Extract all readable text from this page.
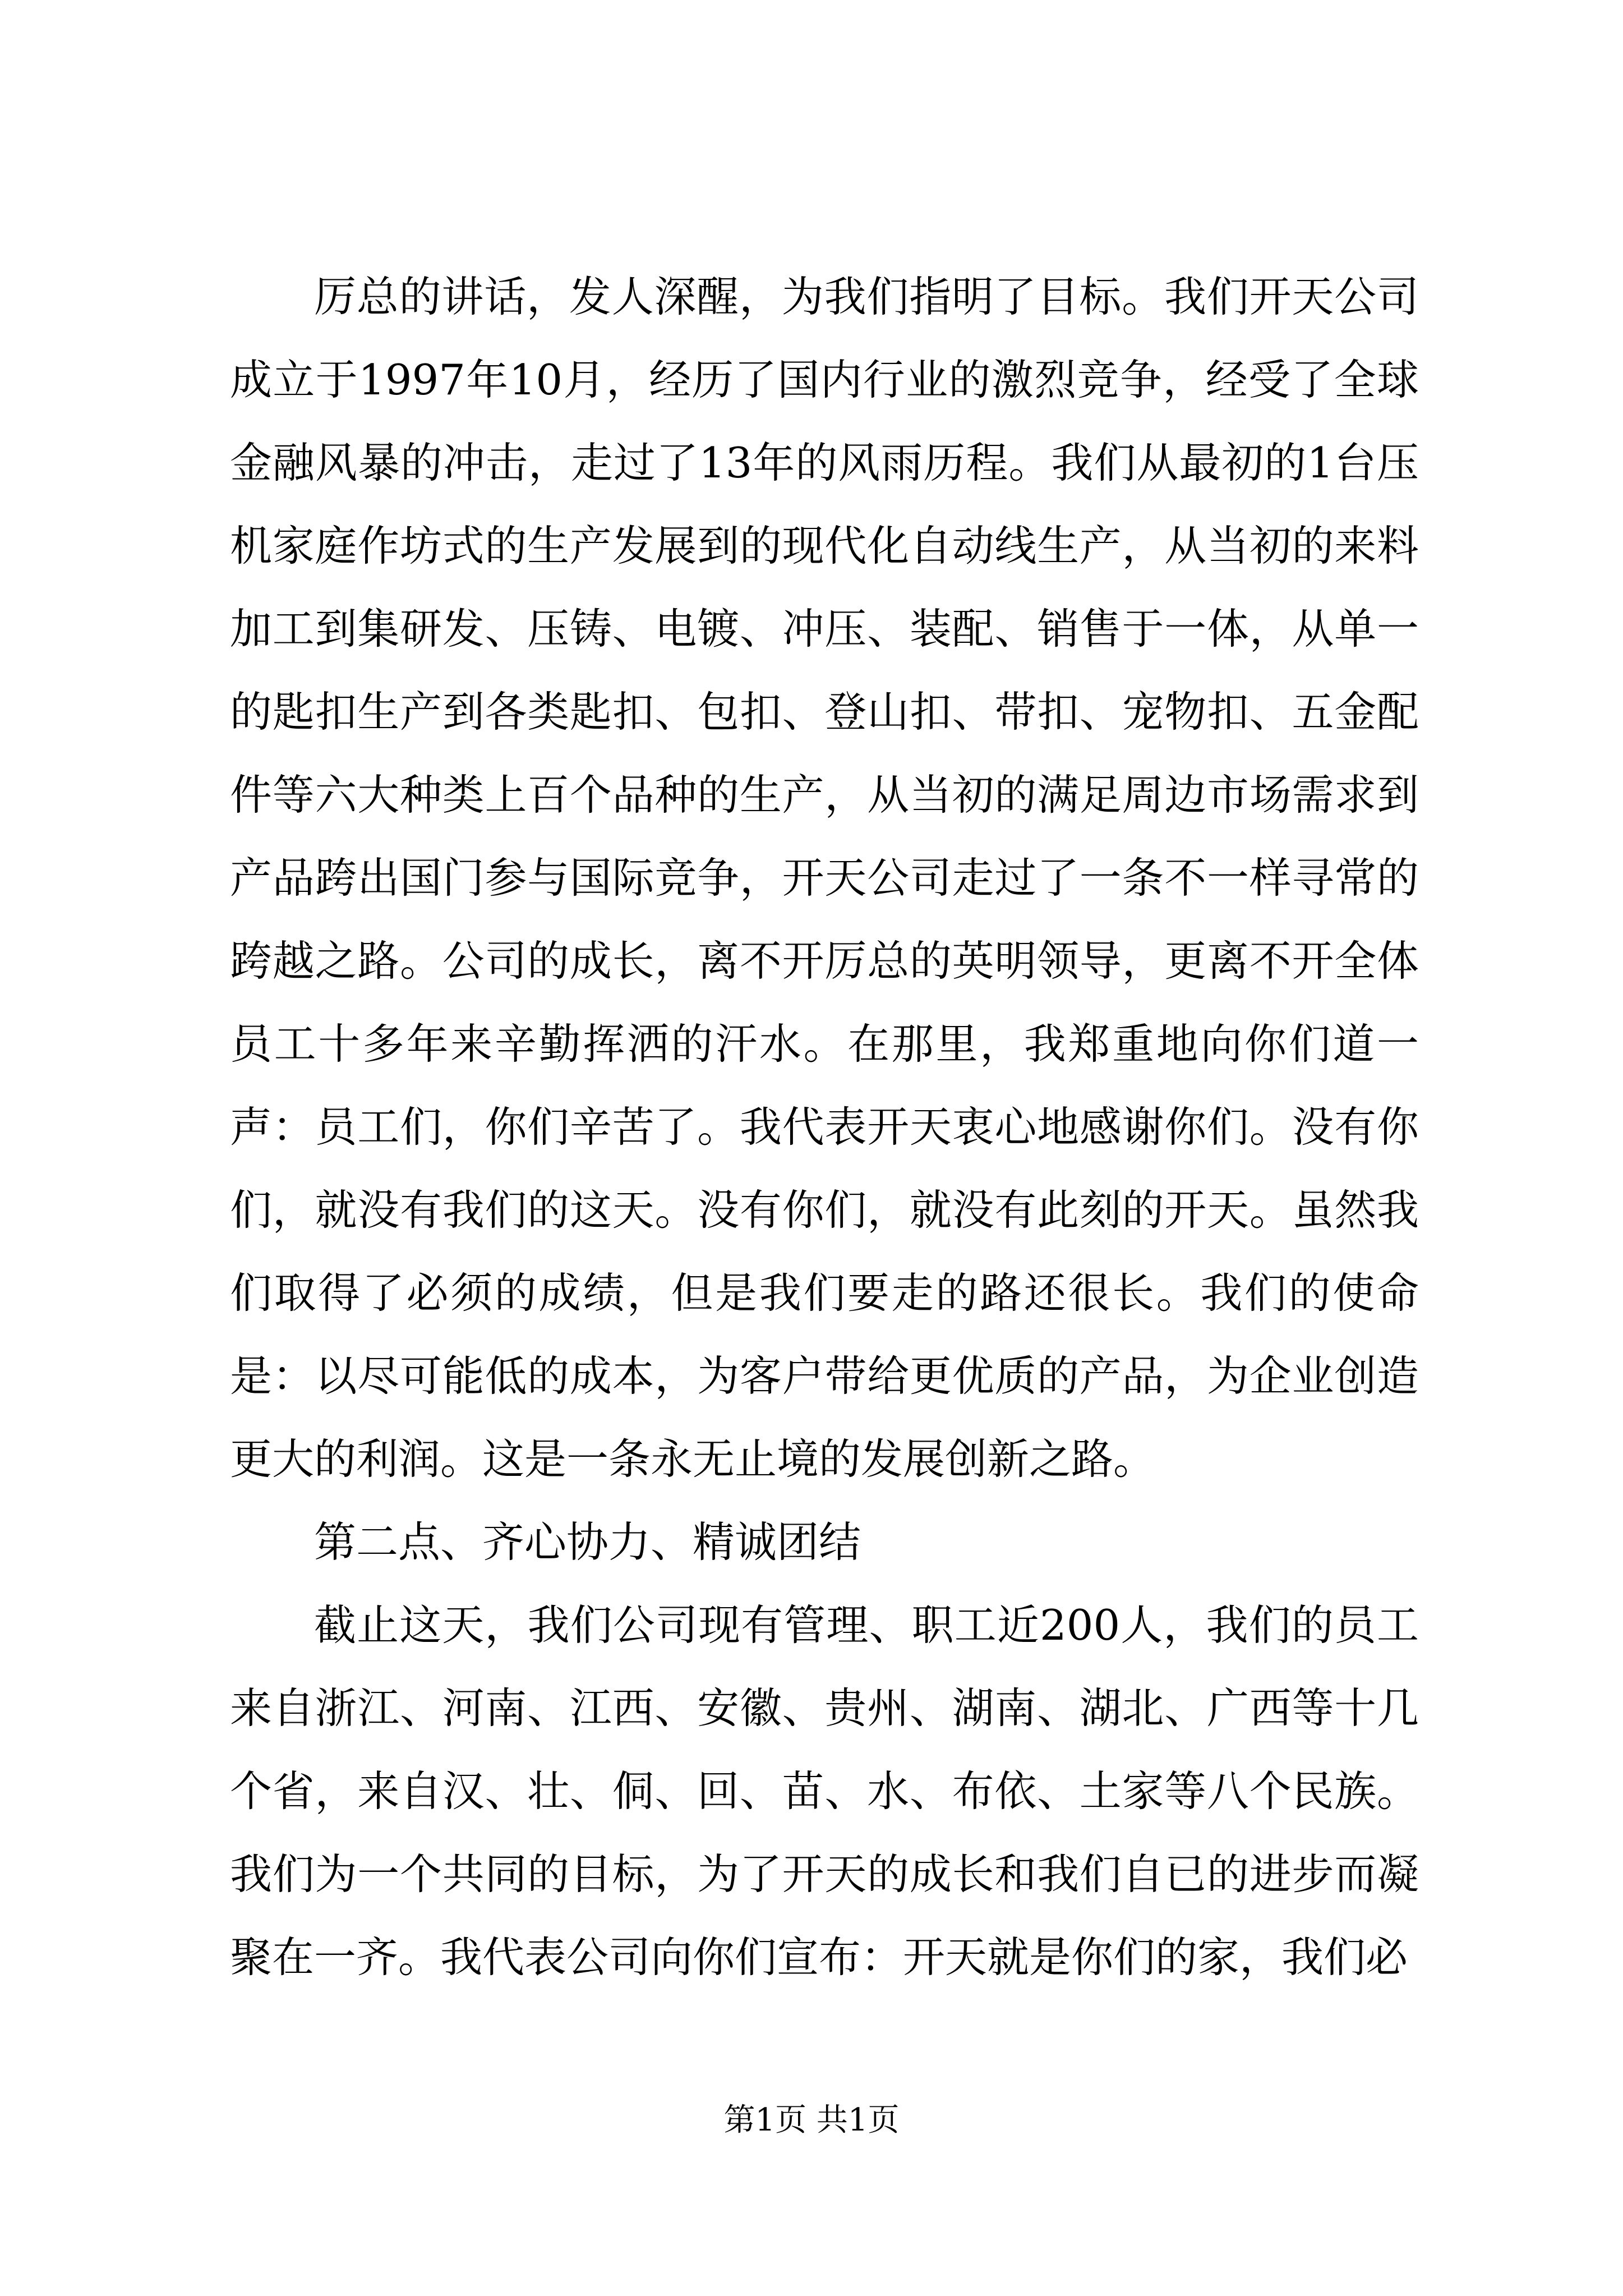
厉总的讲话，发人深醒，为我们指明了目标。我们开天公司成立于1997年10月，经历了国内行业的激烈竞争，经受了全球金融风暴的冲击，走过了13年的风雨历程。我们从最初的1台压机家庭作坊式的生产发展到的现代化自动线生产，从当初的来料加工到集研发、压铸、电镀、冲压、装配、销售于一体，从单一的匙扣生产到各类匙扣、包扣、登山扣、带扣、宠物扣、五金配件等六大种类上百个品种的生产，从当初的满足周边市场需求到产品跨出国门参与国际竞争，开天公司走过了一条不一样寻常的跨越之路。公司的成长，离不开厉总的英明领导，更离不开全体员工十多年来辛勤挥洒的汗水。在那里，我郑重地向你们道一声：员工们，你们辛苦了。我代表开天衷心地感谢你们。没有你们，就没有我们的这天。没有你们，就没有此刻的开天。虽然我们取得了必须的成绩，但是我们要走的路还很长。我们的使命是：以尽可能低的成本，为客户带给更优质的产品，为企业创造更大的利润。这是一条永无止境的发展创新之路。

第二点、齐心协力、精诚团结

截止这天，我们公司现有管理、职工近200人，我们的员工来自浙江、河南、江西、安徽、贵州、湖南、湖北、广西等十几个省，来自汉、壮、侗、回、苗、水、布依、土家等八个民族。我们为一个共同的目标，为了开天的成长和我们自已的进步而凝聚在一齐。我代表公司向你们宣布：开天就是你们的家，我们必

第1页 共1页
